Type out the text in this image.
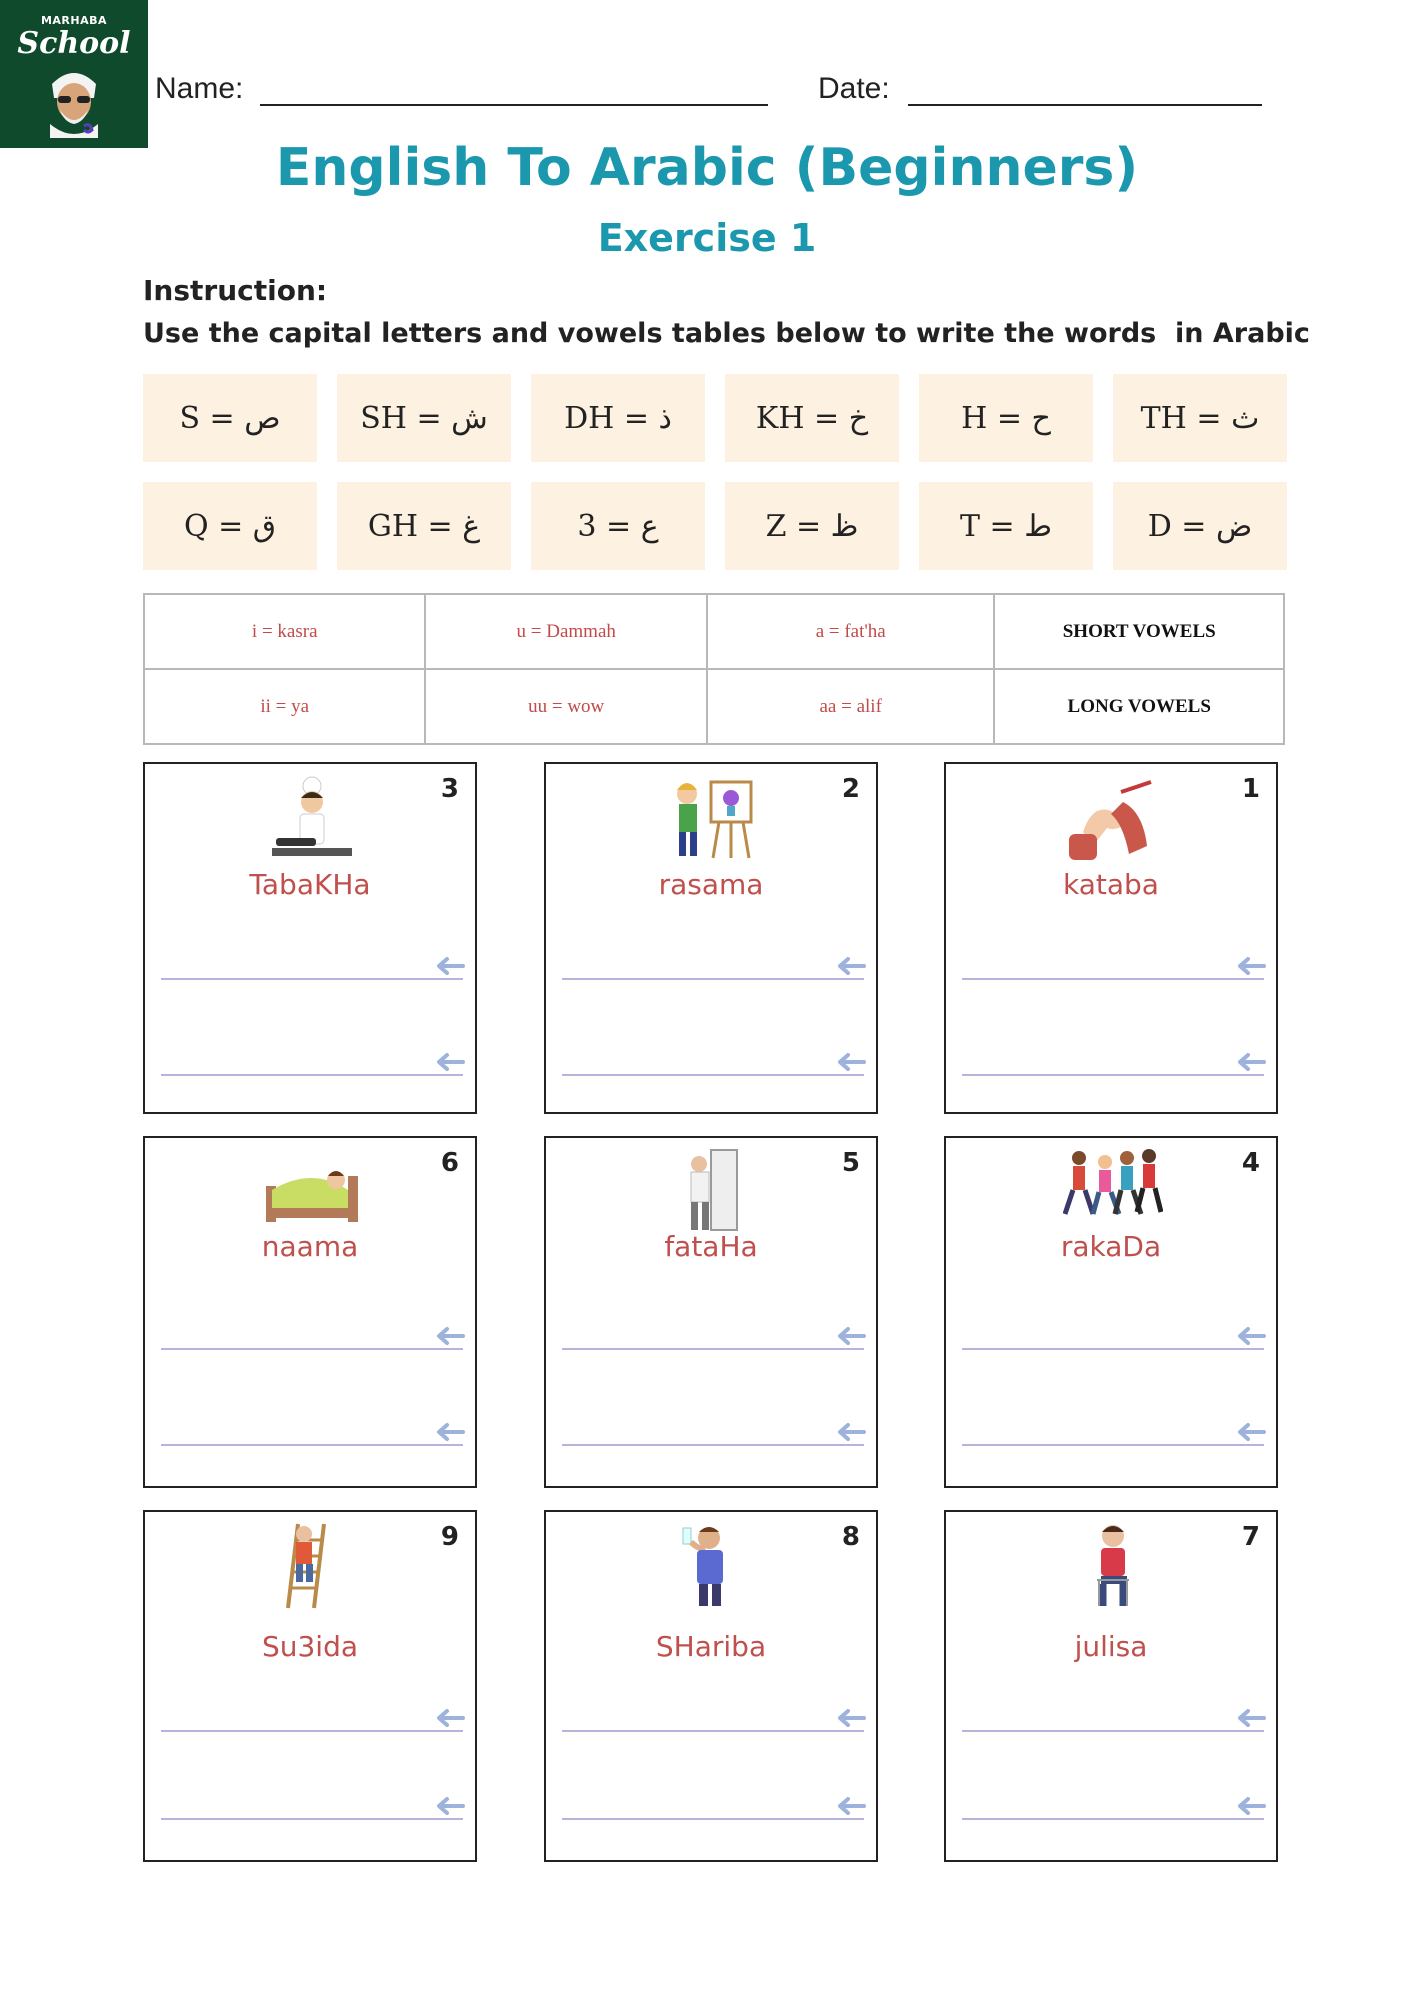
MARHABA
School
Name:	Date:
English To Arabic (Beginners)
Exercise 1
Instruction:
Use the capital letters and vowels tables below to write the words  in Arabic
S = ص	SH = ش	DH = ذ	KH = خ	H = ح	TH = ث
Q = ق	GH = غ	3 = ع	Z = ظ	T = ط	D = ض
i = kasra	u = Dammah	a = fat'ha	SHORT VOWELS
ii = ya	uu = wow	aa = alif	LONG VOWELS
3
TabaKHa
2
rasama
1
kataba
6
naama
5
fataHa
4
rakaDa
9
Su3ida
8
SHariba
7
julisa
